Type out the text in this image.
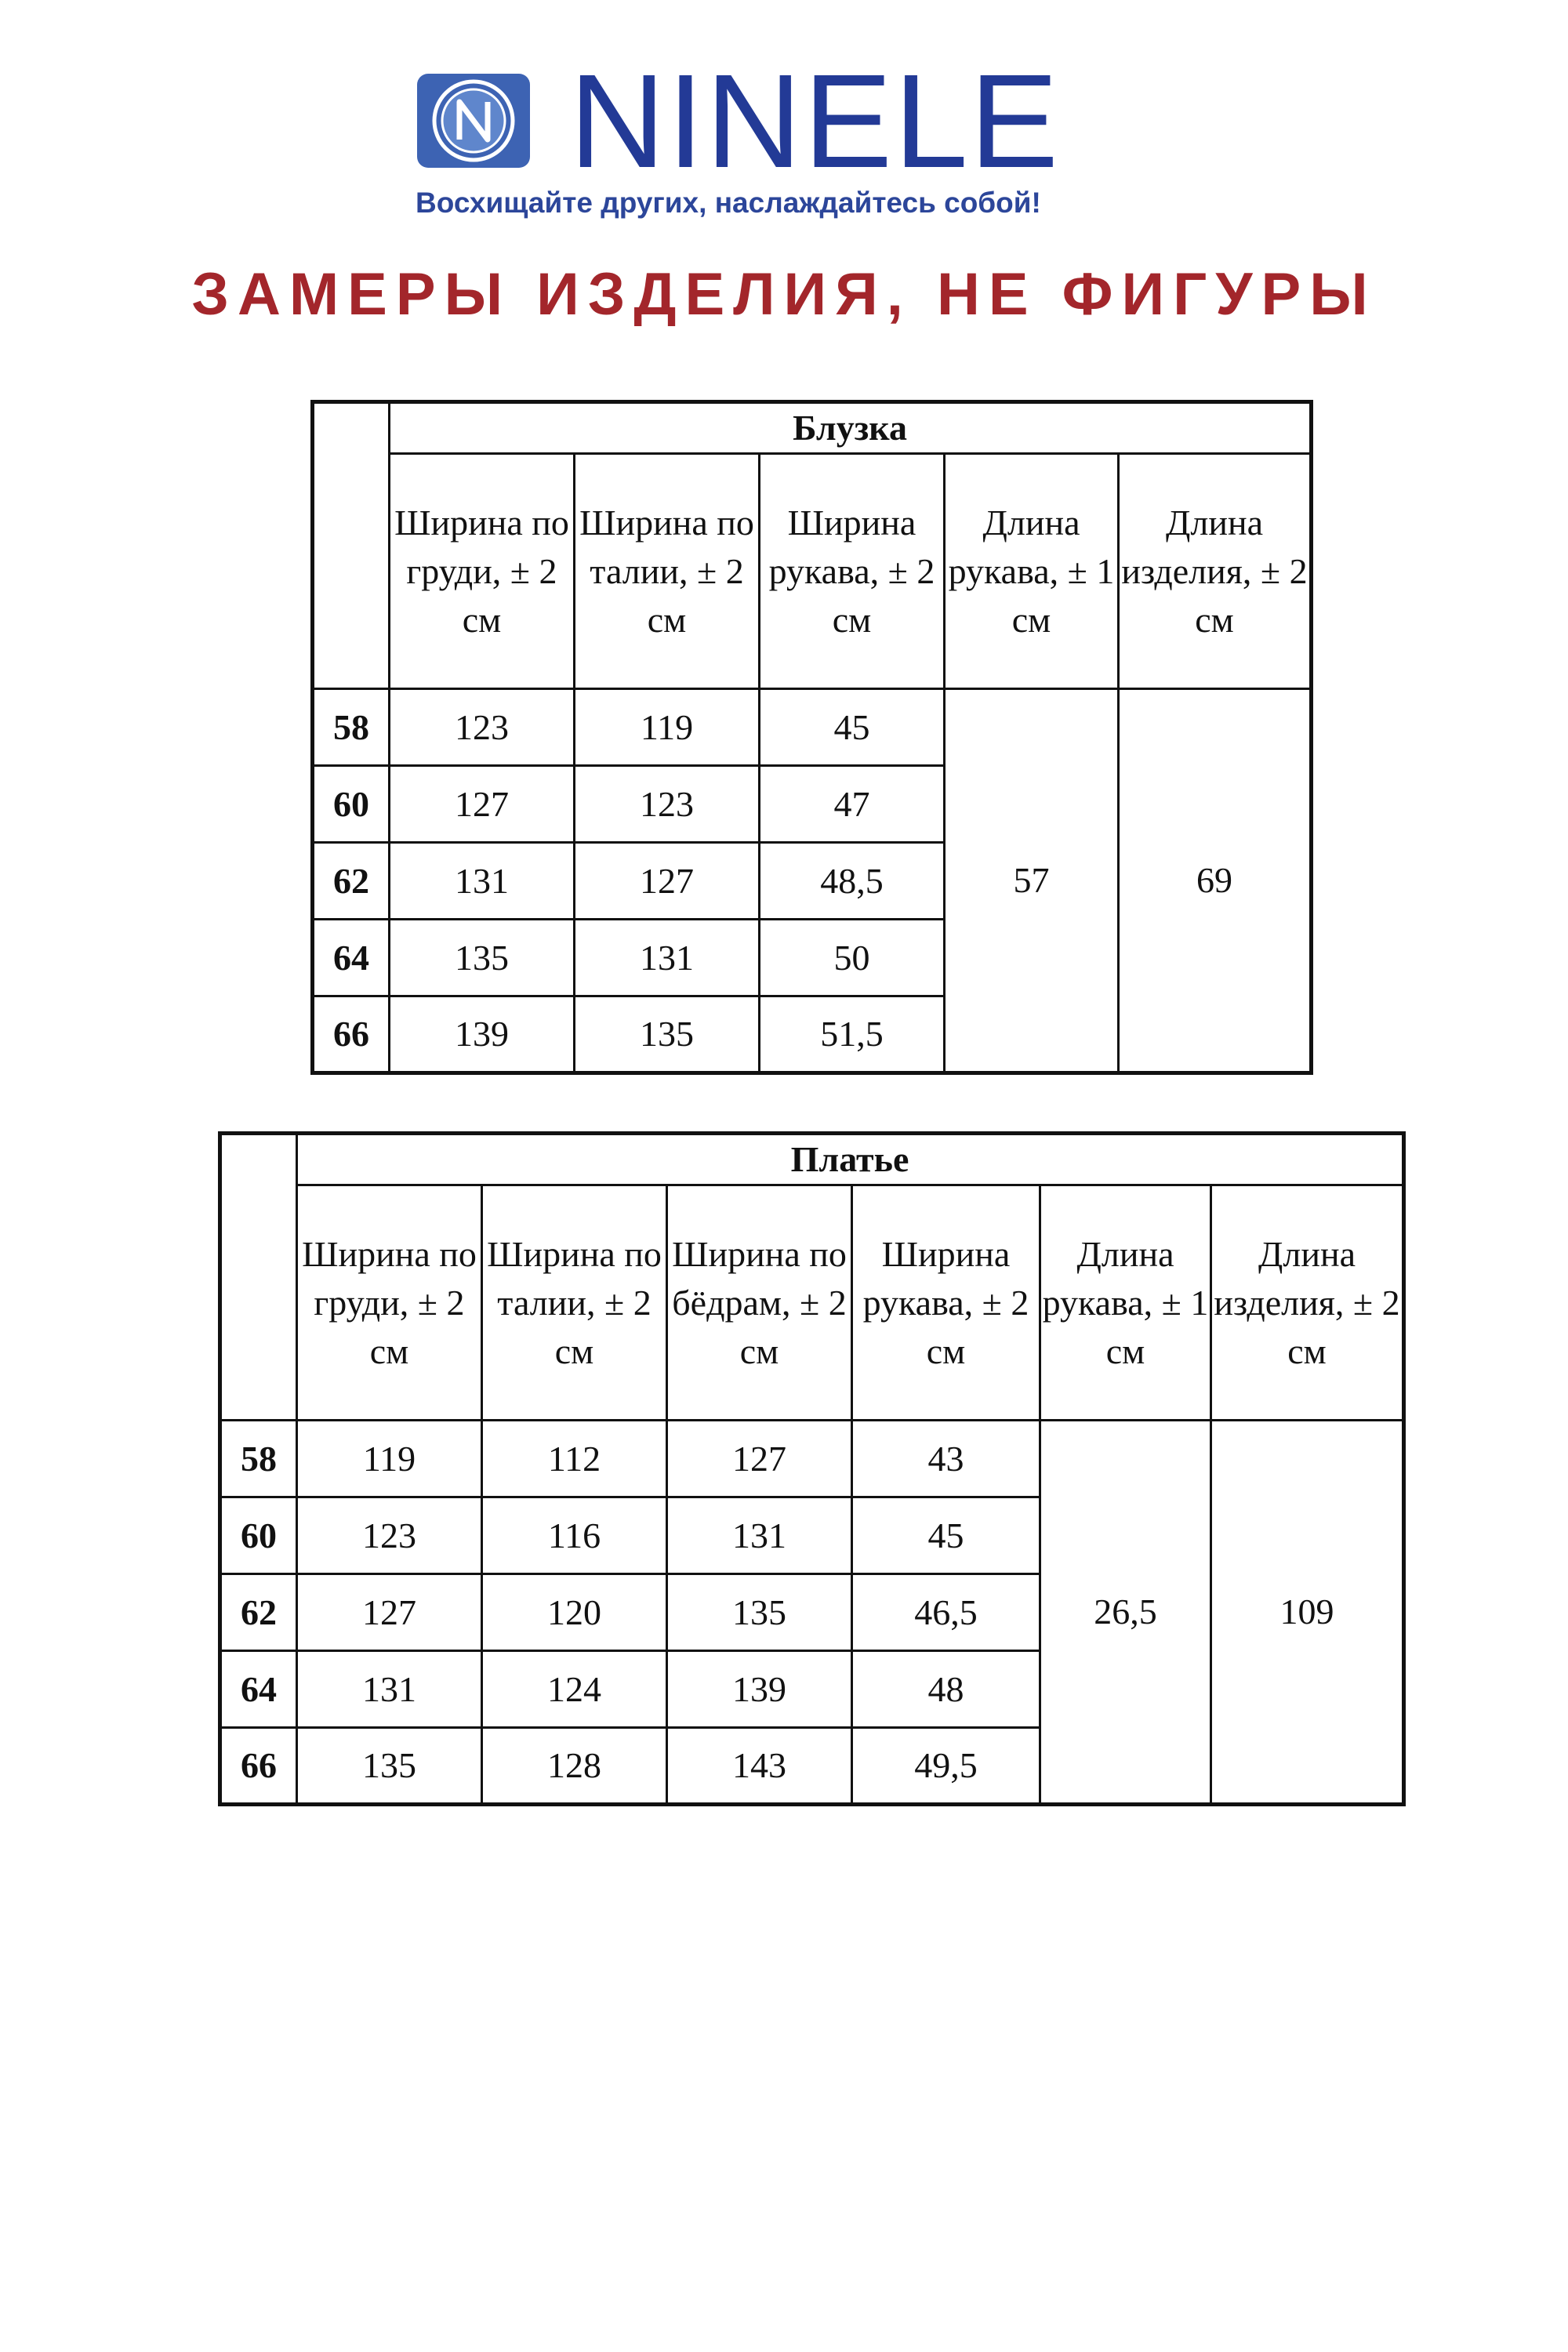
NINELE
Восхищайте других, наслаждайтесь собой!
ЗАМЕРЫ ИЗДЕЛИЯ, НЕ ФИГУРЫ
	Блузка				
	Ширина по груди, ± 2 см	Ширина по талии, ± 2 см	Ширина рукава, ± 2 см	Длина рукава, ± 1 см	Длина изделия, ± 2 см
58	123	119	45	57	69
60	127	123	47		
62	131	127	48,5		
64	135	131	50		
66	139	135	51,5		
	Платье					
	Ширина по груди, ± 2 см	Ширина по талии, ± 2 см	Ширина по бёдрам, ± 2 см	Ширина рукава, ± 2 см	Длина рукава, ± 1 см	Длина изделия, ± 2 см
58	119	112	127	43	26,5	109
60	123	116	131	45		
62	127	120	135	46,5		
64	131	124	139	48		
66	135	128	143	49,5		
